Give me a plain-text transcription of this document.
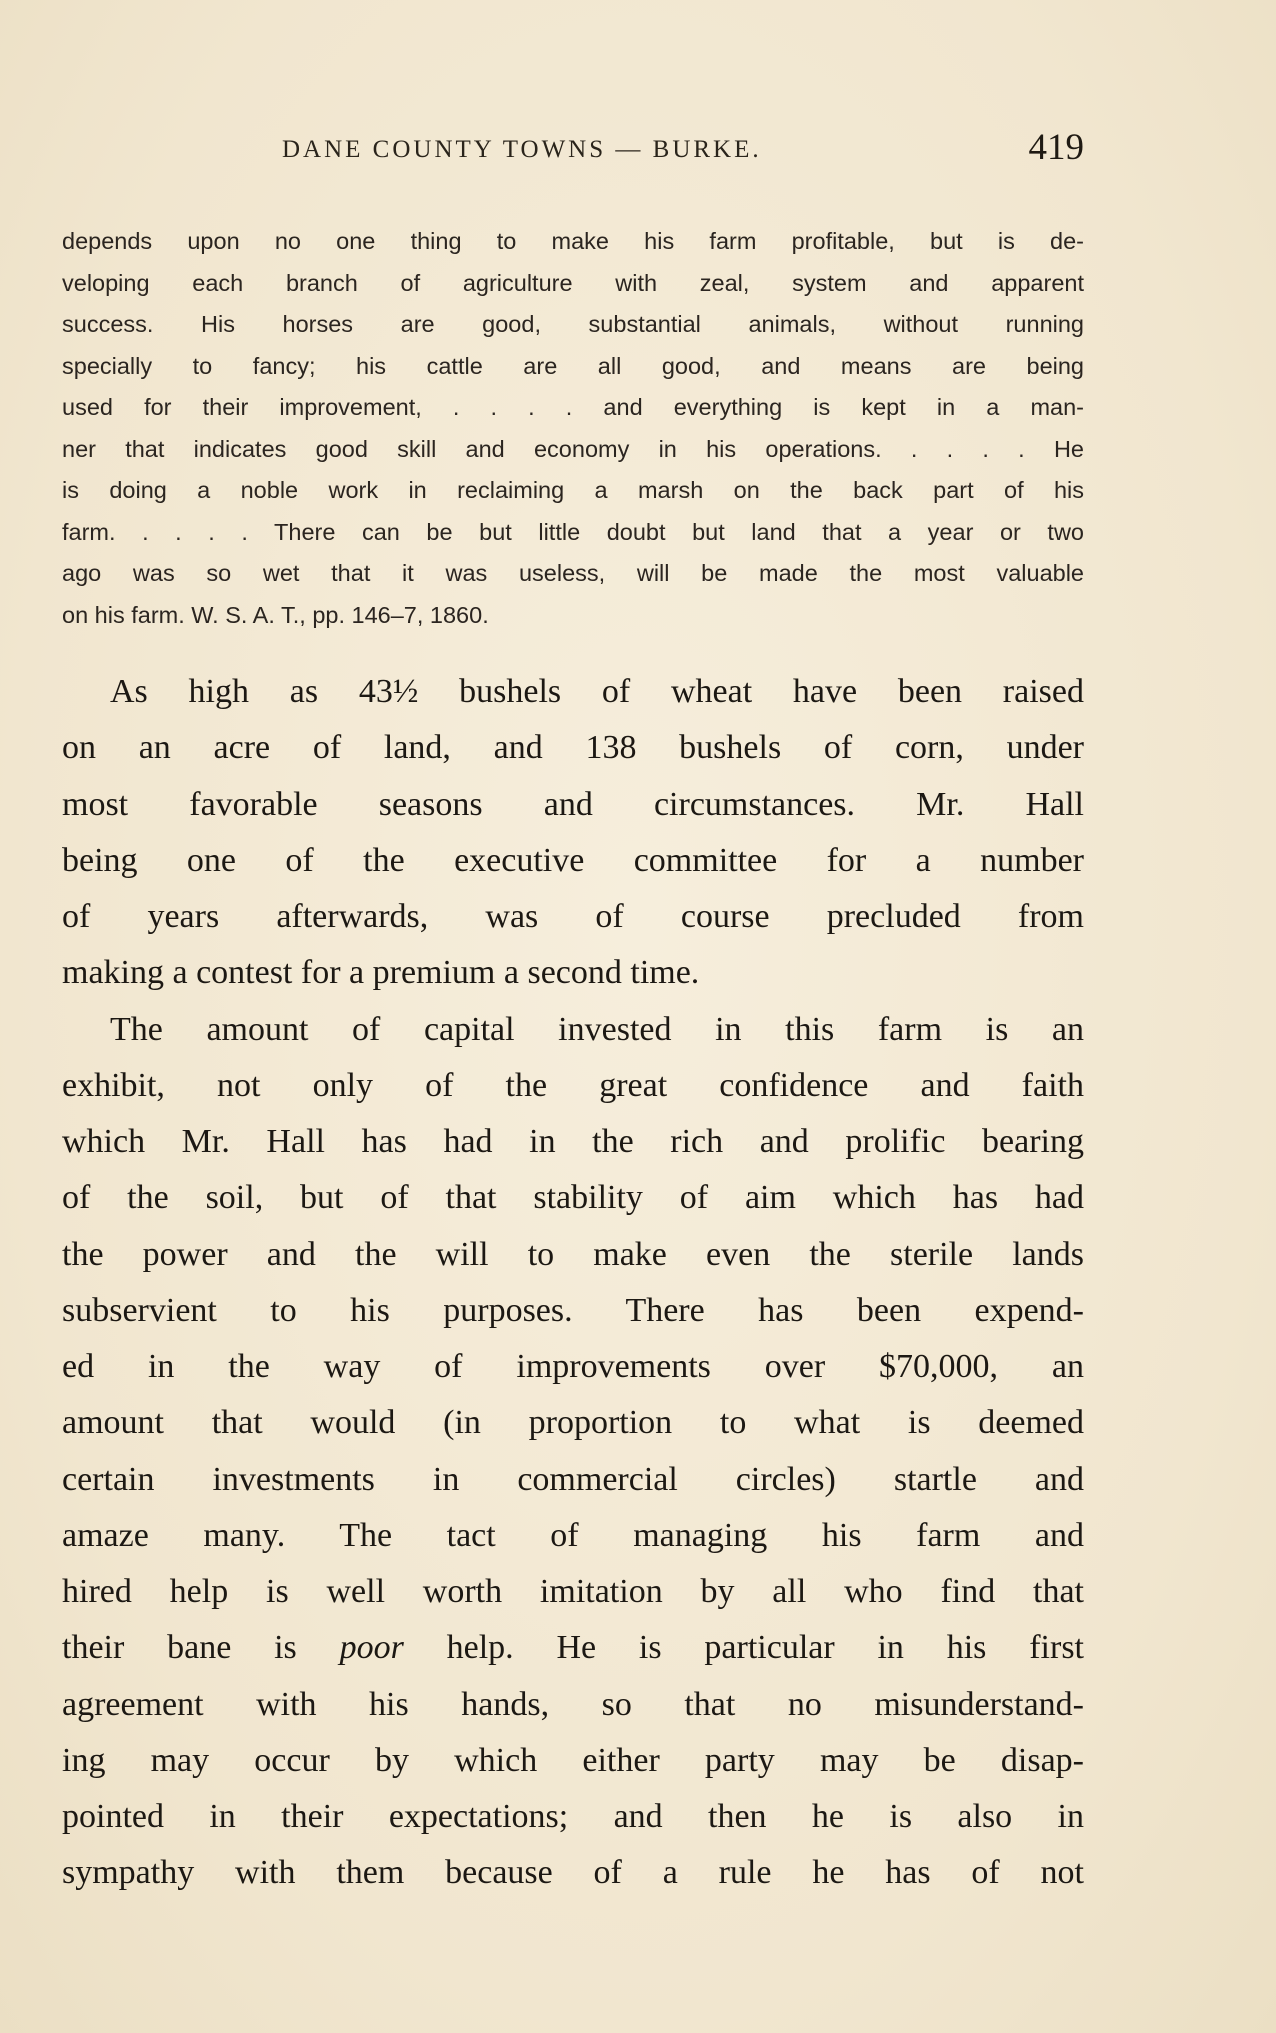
DANE COUNTY TOWNS — BURKE.	419
depends upon no one thing to make his farm profitable, but is de-
veloping each branch of agriculture with zeal, system and apparent
success. His horses are good, substantial animals, without running
specially to fancy; his cattle are all good, and means are being
used for their improvement, . . . . and everything is kept in a man-
ner that indicates good skill and economy in his operations. . . . . He
is doing a noble work in reclaiming a marsh on the back part of his
farm. . . . . There can be but little doubt but land that a year or two
ago was so wet that it was useless, will be made the most valuable
on his farm. W. S. A. T., pp. 146–7, 1860.
As high as 43½ bushels of wheat have been raised
on an acre of land, and 138 bushels of corn, under
most favorable seasons and circumstances. Mr. Hall
being one of the executive committee for a number
of years afterwards, was of course precluded from
making a contest for a premium a second time.
The amount of capital invested in this farm is an
exhibit, not only of the great confidence and faith
which Mr. Hall has had in the rich and prolific bearing
of the soil, but of that stability of aim which has had
the power and the will to make even the sterile lands
subservient to his purposes. There has been expend-
ed in the way of improvements over $70,000, an
amount that would (in proportion to what is deemed
certain investments in commercial circles) startle and
amaze many. The tact of managing his farm and
hired help is well worth imitation by all who find that
their bane is poor help. He is particular in his first
agreement with his hands, so that no misunderstand-
ing may occur by which either party may be disap-
pointed in their expectations; and then he is also in
sympathy with them because of a rule he has of not
